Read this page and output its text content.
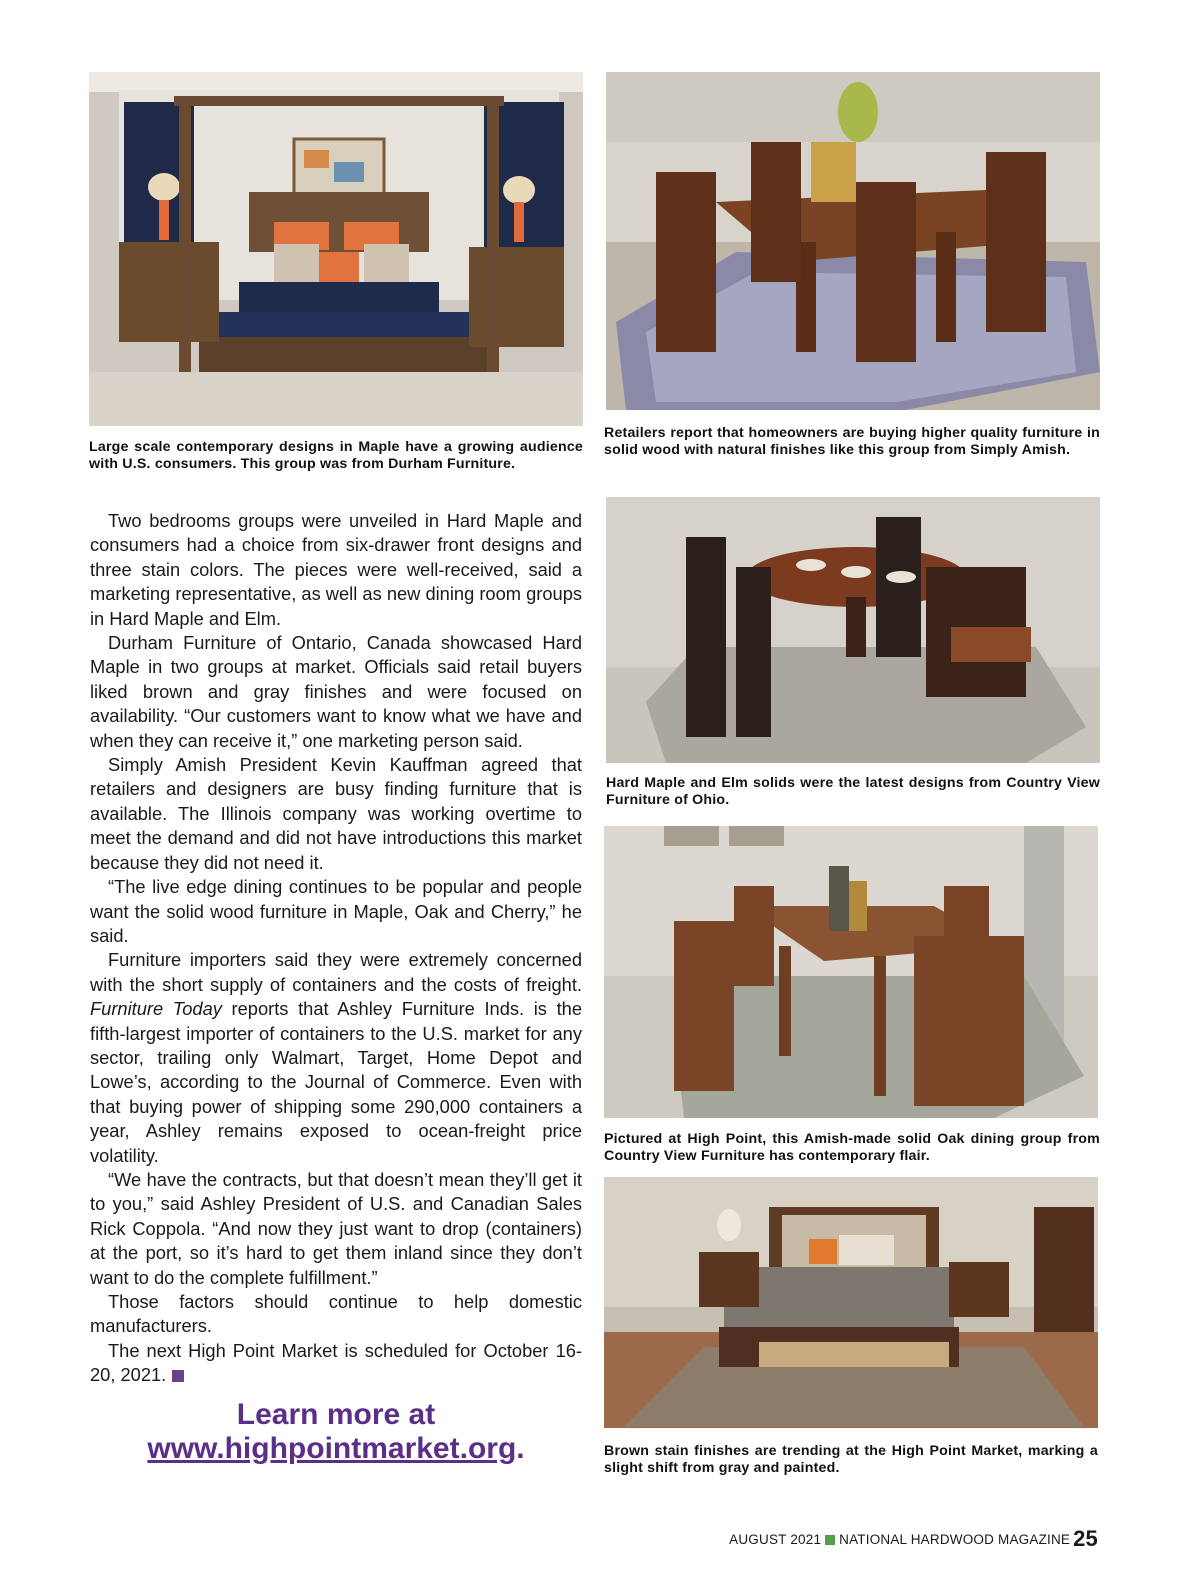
Large scale contemporary designs in Maple have a growing audience with U.S. consumers. This group was from Durham Furniture.

Retailers report that homeowners are buying higher quality furniture in solid wood with natural finishes like this group from Simply Amish.

Hard Maple and Elm solids were the latest designs from Country View Furniture of Ohio.

Pictured at High Point, this Amish-made solid Oak dining group from Country View Furniture has contemporary flair.

Brown stain finishes are trending at the High Point Market, marking a slight shift from gray and painted.

Two bedrooms groups were unveiled in Hard Maple and consumers had a choice from six-drawer front designs and three stain colors. The pieces were well-received, said a marketing representative, as well as new dining room groups in Hard Maple and Elm.

Durham Furniture of Ontario, Canada showcased Hard Maple in two groups at market. Officials said retail buyers liked brown and gray finishes and were focused on availability. “Our customers want to know what we have and when they can receive it,” one marketing person said.

Simply Amish President Kevin Kauffman agreed that retailers and designers are busy finding furniture that is available. The Illinois company was working overtime to meet the demand and did not have introductions this market because they did not need it.

“The live edge dining continues to be popular and people want the solid wood furniture in Maple, Oak and Cherry,” he said.

Furniture importers said they were extremely concerned with the short supply of containers and the costs of freight. Furniture Today reports that Ashley Furniture Inds. is the fifth-largest importer of containers to the U.S. market for any sector, trailing only Walmart, Target, Home Depot and Lowe’s, according to the Journal of Commerce. Even with that buying power of shipping some 290,000 containers a year, Ashley remains exposed to ocean-freight price volatility.

“We have the contracts, but that doesn’t mean they’ll get it to you,” said Ashley President of U.S. and Canadian Sales Rick Coppola. “And now they just want to drop (containers) at the port, so it’s hard to get them inland since they don’t want to do the complete fulfillment.”

Those factors should continue to help domestic manufacturers.

The next High Point Market is scheduled for October 16-20, 2021.

Learn more at
www.highpointmarket.org.
AUGUST 2021 NATIONAL HARDWOOD MAGAZINE 25
